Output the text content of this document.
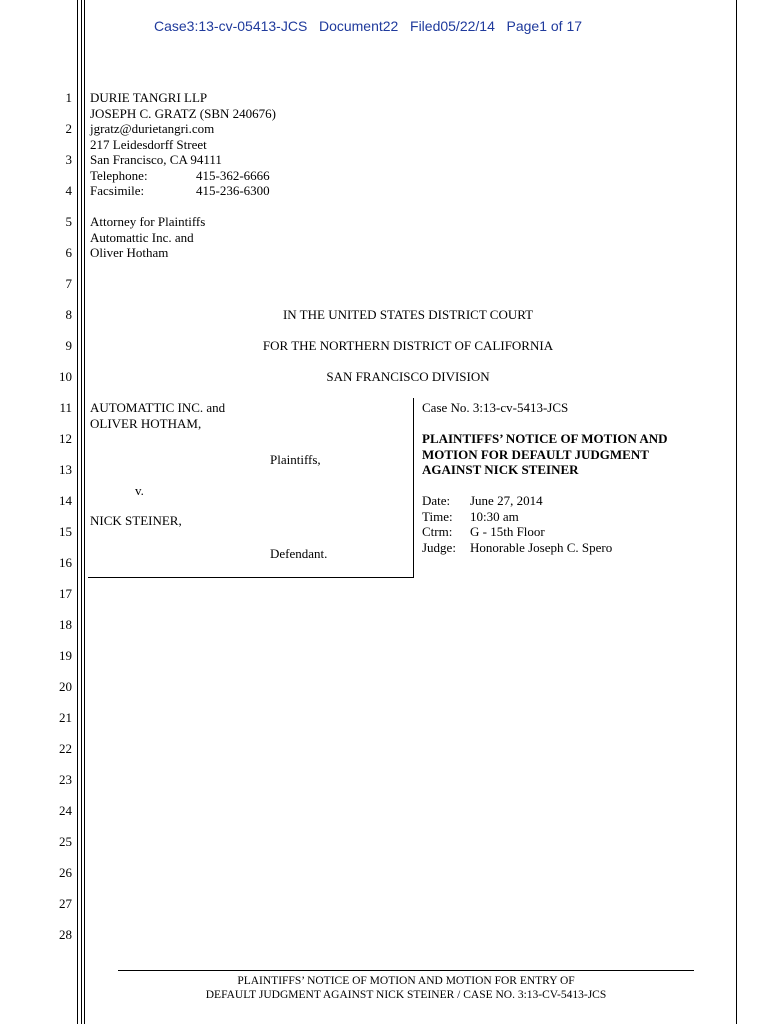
Case3:13-cv-05413-JCS   Document22   Filed05/22/14   Page1 of 17
1
2
3
4
5
6
7
8
9
10
11
12
13
14
15
16
17
18
19
20
21
22
23
24
25
26
27
28
DURIE TANGRI LLP
JOSEPH C. GRATZ (SBN 240676)
jgratz@durietangri.com
217 Leidesdorff Street
San Francisco, CA 94111
Telephone:	415-362-6666
Facsimile:	415-236-6300
Attorney for Plaintiffs
Automattic Inc. and
Oliver Hotham
IN THE UNITED STATES DISTRICT COURT
FOR THE NORTHERN DISTRICT OF CALIFORNIA
SAN FRANCISCO DIVISION
AUTOMATTIC INC. and
OLIVER HOTHAM,
Plaintiffs,
v.
NICK STEINER,
Defendant.
Case No. 3:13-cv-5413-JCS
PLAINTIFFS’ NOTICE OF MOTION AND
MOTION FOR DEFAULT JUDGMENT
AGAINST NICK STEINER
Date: June 27, 2014
Time: 10:30 am
Ctrm: G - 15th Floor
Judge: Honorable Joseph C. Spero
PLAINTIFFS’ NOTICE OF MOTION AND MOTION FOR ENTRY OF
DEFAULT JUDGMENT AGAINST NICK STEINER / CASE NO. 3:13-CV-5413-JCS
